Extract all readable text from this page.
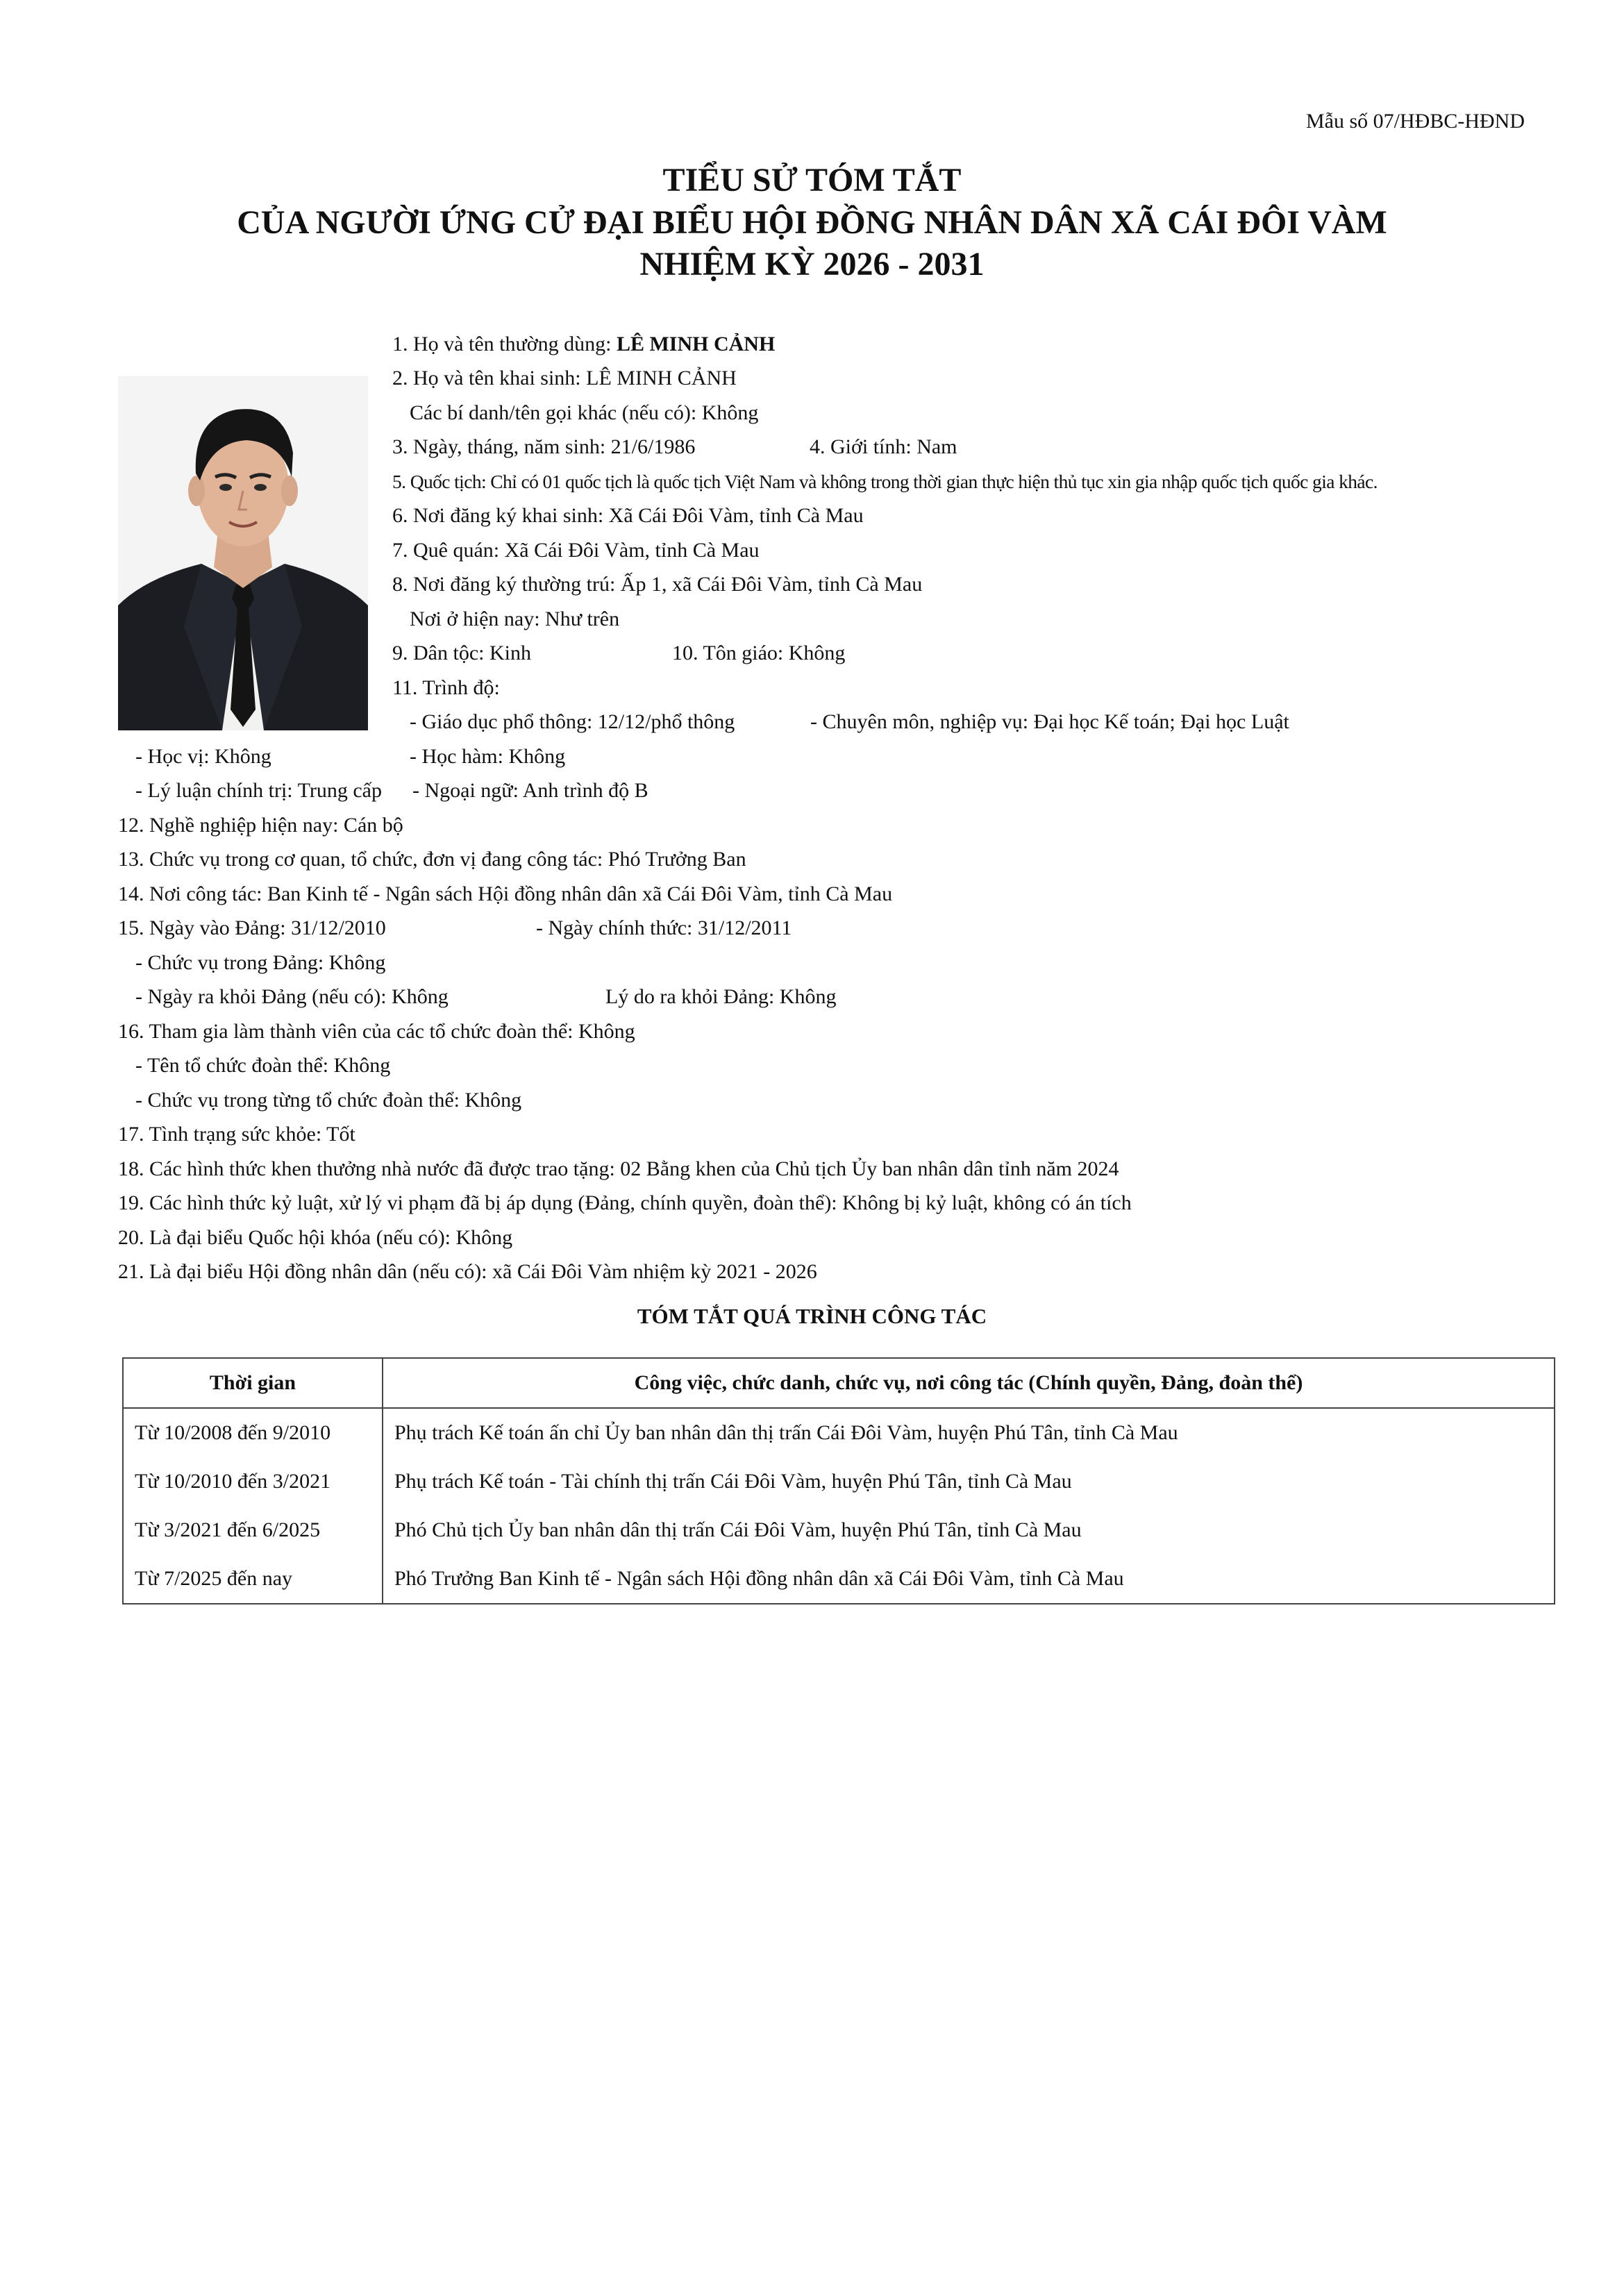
Mẫu số 07/HĐBC-HĐND
TIỂU SỬ TÓM TẮT
CỦA NGƯỜI ỨNG CỬ ĐẠI BIỂU HỘI ĐỒNG NHÂN DÂN XÃ CÁI ĐÔI VÀM
NHIỆM KỲ 2026 - 2031
1. Họ và tên thường dùng: LÊ MINH CẢNH
2. Họ và tên khai sinh: LÊ MINH CẢNH
Các bí danh/tên gọi khác (nếu có): Không
3. Ngày, tháng, năm sinh: 21/6/1986	4. Giới tính: Nam
5. Quốc tịch: Chỉ có 01 quốc tịch là quốc tịch Việt Nam và không trong thời gian thực hiện thủ tục xin gia nhập quốc tịch quốc gia khác.
6. Nơi đăng ký khai sinh: Xã Cái Đôi Vàm, tỉnh Cà Mau
7. Quê quán: Xã Cái Đôi Vàm, tỉnh Cà Mau
8. Nơi đăng ký thường trú: Ấp 1, xã Cái Đôi Vàm, tỉnh Cà Mau
Nơi ở hiện nay: Như trên
9. Dân tộc: Kinh	10. Tôn giáo: Không
11. Trình độ:
- Giáo dục phổ thông: 12/12/phổ thông	- Chuyên môn, nghiệp vụ: Đại học Kế toán; Đại học Luật
- Học vị: Không	- Học hàm: Không
- Lý luận chính trị: Trung cấp - Ngoại ngữ: Anh trình độ B
12. Nghề nghiệp hiện nay: Cán bộ
13. Chức vụ trong cơ quan, tổ chức, đơn vị đang công tác: Phó Trưởng Ban
14. Nơi công tác: Ban Kinh tế - Ngân sách Hội đồng nhân dân xã Cái Đôi Vàm, tỉnh Cà Mau
15. Ngày vào Đảng: 31/12/2010	- Ngày chính thức: 31/12/2011
- Chức vụ trong Đảng: Không
- Ngày ra khỏi Đảng (nếu có): Không	Lý do ra khỏi Đảng: Không
16. Tham gia làm thành viên của các tổ chức đoàn thể: Không
- Tên tổ chức đoàn thể: Không
- Chức vụ trong từng tổ chức đoàn thể: Không
17. Tình trạng sức khỏe: Tốt
18. Các hình thức khen thưởng nhà nước đã được trao tặng: 02 Bằng khen của Chủ tịch Ủy ban nhân dân tỉnh năm 2024
19. Các hình thức kỷ luật, xử lý vi phạm đã bị áp dụng (Đảng, chính quyền, đoàn thể): Không bị kỷ luật, không có án tích
20. Là đại biểu Quốc hội khóa (nếu có): Không
21. Là đại biểu Hội đồng nhân dân (nếu có): xã Cái Đôi Vàm nhiệm kỳ 2021 - 2026
TÓM TẮT QUÁ TRÌNH CÔNG TÁC
Thời gian	Công việc, chức danh, chức vụ, nơi công tác (Chính quyền, Đảng, đoàn thể)
Từ 10/2008 đến 9/2010	Phụ trách Kế toán ấn chỉ Ủy ban nhân dân thị trấn Cái Đôi Vàm, huyện Phú Tân, tỉnh Cà Mau
Từ 10/2010 đến 3/2021	Phụ trách Kế toán - Tài chính thị trấn Cái Đôi Vàm, huyện Phú Tân, tỉnh Cà Mau
Từ 3/2021 đến 6/2025	Phó Chủ tịch Ủy ban nhân dân thị trấn Cái Đôi Vàm, huyện Phú Tân, tỉnh Cà Mau
Từ 7/2025 đến nay	Phó Trưởng Ban Kinh tế - Ngân sách Hội đồng nhân dân xã Cái Đôi Vàm, tỉnh Cà Mau
